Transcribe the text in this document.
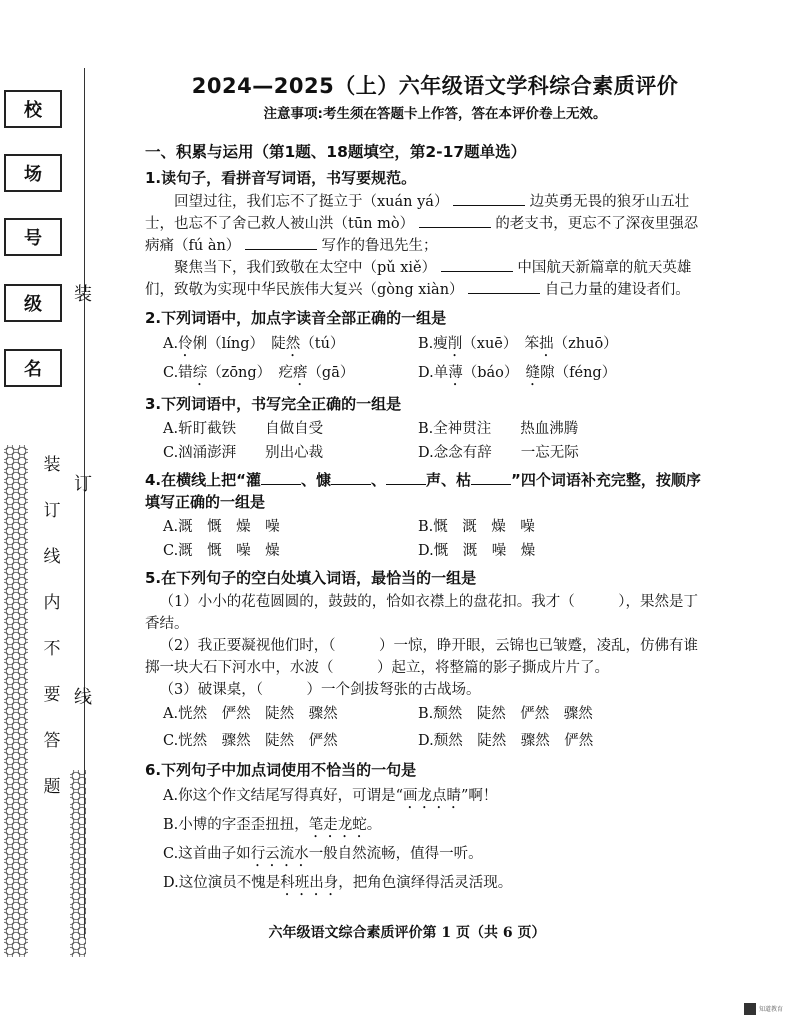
校
场
号
级
名
装
订
线
装
订
线
内
不
要
答
题
2024—2025（上）六年级语文学科综合素质评价
注意事项:考生须在答题卡上作答，答在本评价卷上无效。
一、积累与运用（第1题、18题填空，第2-17题单选）
1.读句子，看拼音写词语，书写要规范。

回望过往，我们忘不了挺立于（xuán yá）	边英勇无畏的狼牙山五壮士，也忘不了舍己救人被山洪（tūn mò）	的老支书，更忘不了深夜里强忍病痛（fú àn）	写作的鲁迅先生；

聚焦当下，我们致敬在太空中（pǔ xiě）	中国航天新篇章的航天英雄们，致敬为实现中华民族伟大复兴（gòng xiàn）	自己力量的建设者们。

2.下列词语中，加点字读音全部正确的一组是
A.伶俐（líng）　 陡然（tú）	B.瘦削（xuē）　 笨拙（zhuō）
C.错综（zōng）　 疙瘩（gā）	D.单薄（báo）　 缝隙（féng）
3.下列词语中，书写完全正确的一组是
A.斩盯截铁　　自做自受	B.全神贯注　　热血沸腾
C.汹涌澎湃　　别出心裁	D.念念有辞　　一忘无际
4.在横线上把“灌	、慷	、	声、枯	”四个词语补充完整，按顺序填写正确的一组是
A.溉　慨　燥　噪	B.慨　溉　燥　噪
C.溉　慨　噪　燥	D.慨　溉　噪　燥
5.在下列句子的空白处填入词语，最恰当的一组是

（1）小小的花苞圆圆的，鼓鼓的，恰如衣襟上的盘花扣。我才（　　　），果然是丁香结。

（2）我正要凝视他们时，（　　　）一惊，睁开眼，云锦也已皱蹙，凌乱，仿佛有谁掷一块大石下河水中，水波（　　　）起立，将整篇的影子撕成片片了。

（3）破课桌，（　　　）一个剑拔弩张的古战场。

A.恍然　俨然　陡然　骤然	B.颓然　陡然　俨然　骤然
C.恍然　骤然　陡然　俨然	D.颓然　陡然　骤然　俨然
6.下列句子中加点词使用不恰当的一句是
A.你这个作文结尾写得真好，可谓是“画龙点睛”啊！
B.小博的字歪歪扭扭，笔走龙蛇。
C.这首曲子如行云流水一般自然流畅，值得一听。
D.这位演员不愧是科班出身，把角色演绎得活灵活现。
六年级语文综合素质评价第 1 页（共 6 页）
知道教育
